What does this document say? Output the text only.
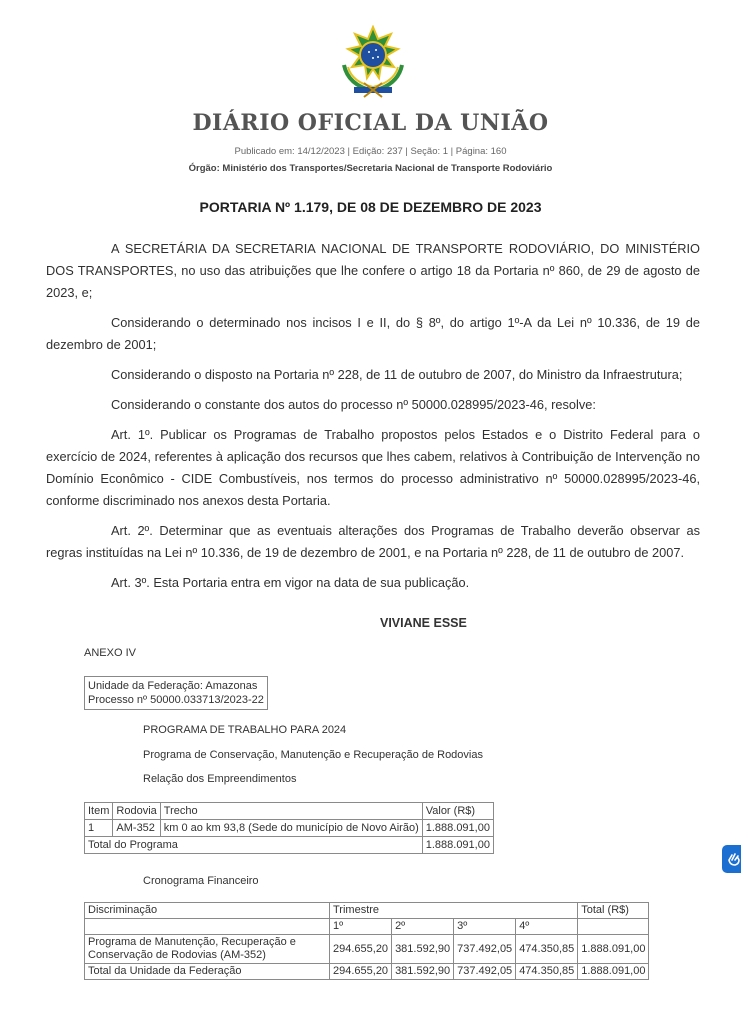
DIÁRIO OFICIAL DA UNIÃO
Publicado em: 14/12/2023 | Edição: 237 | Seção: 1 | Página: 160
Órgão: Ministério dos Transportes/Secretaria Nacional de Transporte Rodoviário
PORTARIA Nº 1.179, DE 08 DE DEZEMBRO DE 2023

A SECRETÁRIA DA SECRETARIA NACIONAL DE TRANSPORTE RODOVIÁRIO, DO MINISTÉRIO DOS TRANSPORTES, no uso das atribuições que lhe confere o artigo 18 da Portaria nº 860, de 29 de agosto de 2023, e;

Considerando o determinado nos incisos I e II, do § 8º, do artigo 1º-A da Lei nº 10.336, de 19 de dezembro de 2001;

Considerando o disposto na Portaria nº 228, de 11 de outubro de 2007, do Ministro da Infraestrutura;

Considerando o constante dos autos do processo nº 50000.028995/2023-46, resolve:

Art. 1º. Publicar os Programas de Trabalho propostos pelos Estados e o Distrito Federal para o exercício de 2024, referentes à aplicação dos recursos que lhes cabem, relativos à Contribuição de Intervenção no Domínio Econômico - CIDE Combustíveis, nos termos do processo administrativo nº 50000.028995/2023-46, conforme discriminado nos anexos desta Portaria.

Art. 2º. Determinar que as eventuais alterações dos Programas de Trabalho deverão observar as regras instituídas na Lei nº 10.336, de 19 de dezembro de 2001, e na Portaria nº 228, de 11 de outubro de 2007.

Art. 3º. Esta Portaria entra em vigor na data de sua publicação.

VIVIANE ESSE
ANEXO IV
Unidade da Federação: Amazonas
Processo nº 50000.033713/2023-22
PROGRAMA DE TRABALHO PARA 2024
Programa de Conservação, Manutenção e Recuperação de Rodovias
Relação dos Empreendimentos
Item	Rodovia	Trecho	Valor (R$)
1	AM-352	km 0 ao km 93,8 (Sede do município de Novo Airão)	1.888.091,00
Total do Programa			1.888.091,00
Cronograma Financeiro
Discriminação	Trimestre				Total (R$)
	1º	2º	3º	4º	
Programa de Manutenção, Recuperação e Conservação de Rodovias (AM-352)	294.655,20	381.592,90	737.492,05	474.350,85	1.888.091,00
Total da Unidade da Federação	294.655,20	381.592,90	737.492,05	474.350,85	1.888.091,00
